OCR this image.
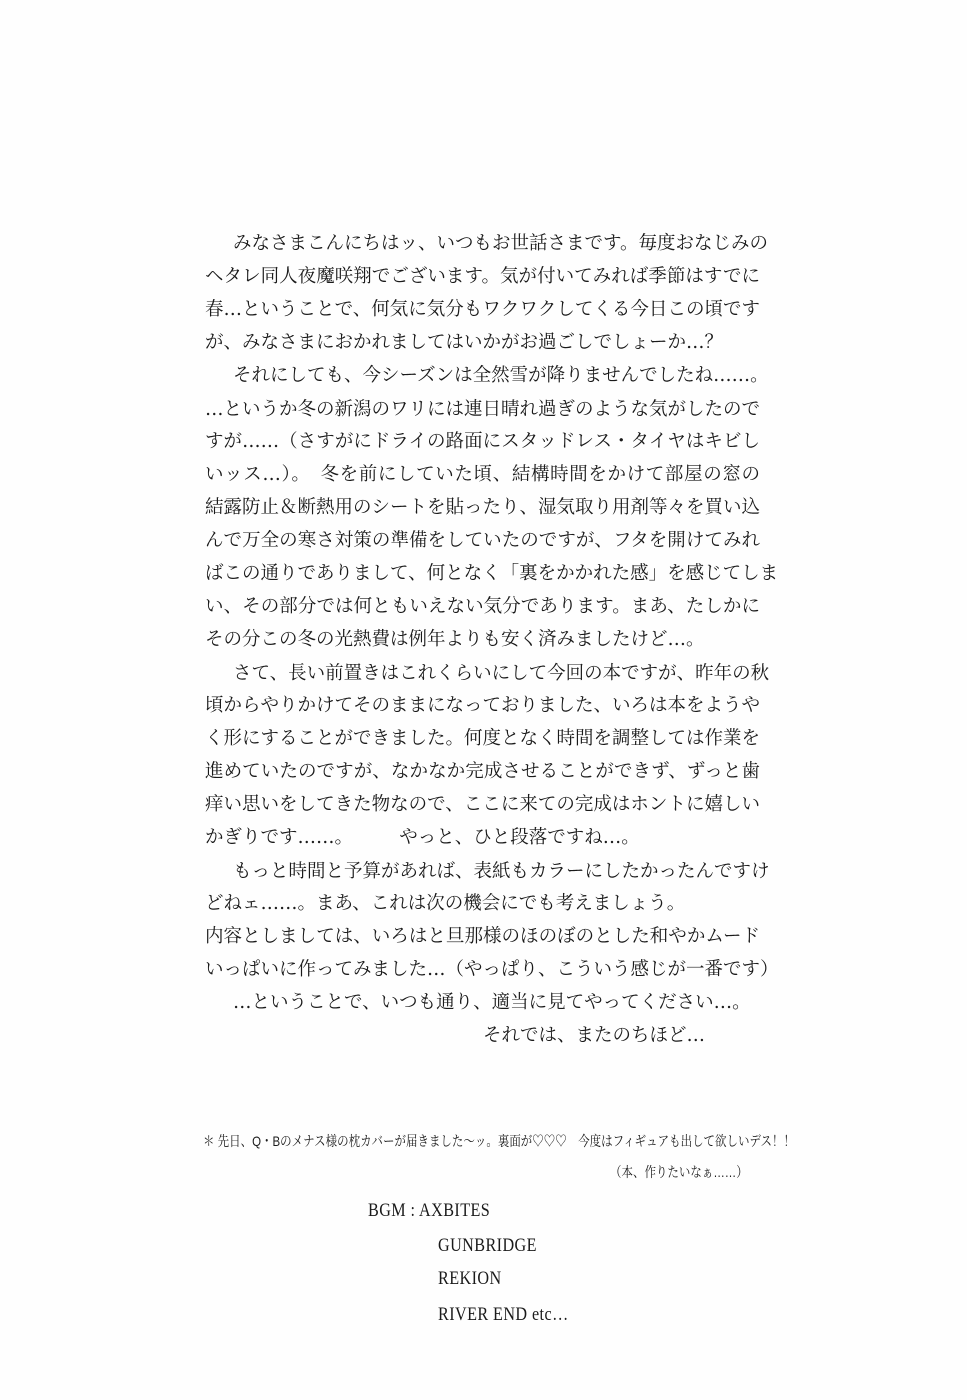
みなさまこんにちはッ、いつもお世話さまです。毎度おなじみの
ヘタレ同人夜魔咲翔でございます。気が付いてみれば季節はすでに
春…ということで、何気に気分もワクワクしてくる今日この頃です
が、みなさまにおかれましてはいかがお過ごしでしょーか…？
それにしても、今シーズンは全然雪が降りませんでしたね……。
…というか冬の新潟のワリには連日晴れ過ぎのような気がしたので
すが……（さすがにドライの路面にスタッドレス・タイヤはキビし
いッス…）。　冬を前にしていた頃、結構時間をかけて部屋の窓の
結露防止＆断熱用のシートを貼ったり、湿気取り用剤等々を買い込
んで万全の寒さ対策の準備をしていたのですが、フタを開けてみれ
ばこの通りでありまして、何となく「裏をかかれた感」を感じてしま
い、その部分では何ともいえない気分であります。まあ、たしかに
その分この冬の光熱費は例年よりも安く済みましたけど…。
さて、長い前置きはこれくらいにして今回の本ですが、昨年の秋
頃からやりかけてそのままになっておりました、いろは本をようや
く形にすることができました。何度となく時間を調整しては作業を
進めていたのですが、なかなか完成させることができず、ずっと歯
痒い思いをしてきた物なので、ここに来ての完成はホントに嬉しい
かぎりです……。　　　やっと、ひと段落ですね…。
もっと時間と予算があれば、表紙もカラーにしたかったんですけ
どねェ……。まあ、これは次の機会にでも考えましょう。
内容としましては、いろはと旦那様のほのぼのとした和やかムード
いっぱいに作ってみました…（やっぱり、こういう感じが一番です）
…ということで、いつも通り、適当に見てやってください…。
それでは、またのちほど…
＊ 先日、Q・Bのメナス様の枕カバーが届きました～ッ。裏面が♡♡♡　今度はフィギュアも出して欲しいデス！！
（本、作りたいなぁ……）
BGM : AXBITES
GUNBRIDGE
REKION
RIVER END etc…
